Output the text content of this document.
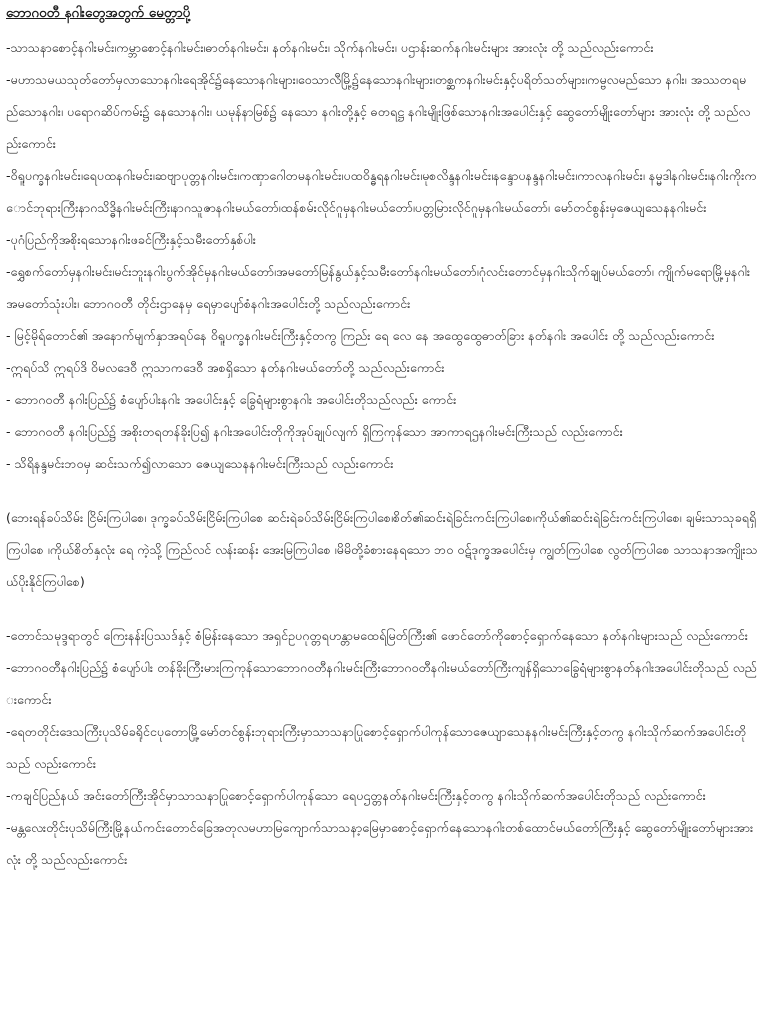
ဘောဂဝတီ နဂါးတွေအတွက် မေတ္တာပို့

-သာသနာစောင့်နဂါးမင်း၊ကမ္ဘာစောင့်နဂါးမင်း၊ဓာတ်နဂါးမင်း၊ နတ်နဂါးမင်း၊ သိုက်နဂါးမင်း၊ ပဌာန်းဆက်နဂါးမင်းများ အားလုံး တို့ သည်လည်းကောင်း

-မဟာသမယသုတ်တော်မှလာသောနဂါးရေအိုင်၌နေသောနဂါးများ၊ဝေသာလီမြို့၌နေသောနဂါးများ၊တစ္ဆကနဂါးမင်းနှင့်ပရိတ်သတ်များ၊ကမ္ဗလမည်သော နဂါး၊ အဿတရမည်သောနဂါး၊ ပရောဂဆိပ်ကမ်း၌ နေသောနဂါး၊ ယမုန်နာမြစ်၌ နေသော နဂါးတို့နှင့် ဓတရဋ္ဌ နဂါးမျိုးဖြစ်သောနဂါးအပေါင်းနှင့် ဆွေတော်မျိုးတော်များ အားလုံး တို့ သည်လည်းကောင်း

-ဝိရူပက္ခနဂါးမင်း၊ရေပထနဂါးမင်း၊ဆဗျာပုတ္တနဂါးမင်း၊ကဏှာဂေါတမနဂါးမင်း၊ပထဝိန္ဓရနဂါးမင်း၊မုစလိန္ဒနဂါးမင်း၊နန္ဒောပနန္ဒနဂါးမင်း၊ကာလနဂါးမင်း၊ နမ္မဒါနဂါးမင်း၊နဂါးကိုးကောင်ဘုရားကြီးနာဂသိဒ္ဓိနဂါးမင်းကြီး၊နာဂသူဇာနဂါးမယ်တော်၊ထန်စမ်းလိုင်ဂူမှနဂါးမယ်တော်၊ပတ္တမြားလိုင်ဂူမှနဂါးမယ်တော်၊ မော်တင်စွန်းမှဇေယျသေနနဂါးမင်း

-ပုဂံပြည်ကိုအစိုးရသောနဂါးဖခင်ကြီးနှင့်သမီးတော်နှစ်ပါး

-ရွှေစက်တော်မှနဂါးမင်း၊မင်းဘူးနဂါးပွက်အိုင်မှနဂါးမယ်တော်၊အမတော်မြန်နွယ်နှင့်သမီးတော်နဂါးမယ်တော်၊ဂုံလင်းတောင်မှနဂါးသိုက်ချုပ်မယ်တော်၊ ကျိုက်မရောမြို့မှနဂါးအမတော်သုံးပါး၊ ဘောဂဝတီ တိုင်းဌာနေမှ ရေမှာပျော်စံနဂါးအပေါင်းတို့ သည်လည်းကောင်း

- မြင့်မိုရ်တောင်၏ အနောက်မျက်နှာအရပ်နေ ဝိရူပက္ခနဂါးမင်းကြီးနှင့်တကွ ကြည်း ရေ လေ နေ အထွေထွေဓာတ်ခြား နတ်နဂါး အပေါင်း တို့ သည်လည်းကောင်း

-ဣရပ်သိ ဣရပ်ဒိ ဝိမလဒေဝီ ဣသာကဒေဝီ အစရှိသော နတ်နဂါးမယ်တော်တို့ သည်လည်းကောင်း

- ဘောဂဝတီ နဂါးပြည်၌ စံပျော်ပါးနဂါး အပေါင်းနှင့် ခြွေရံများစွာနဂါး အပေါင်းတိုသည်လည်း ကောင်း

- ဘောဂဝတီ နဂါးပြည်၌ အစိုးတရတန်ခိုးပြ၍ နဂါးအပေါင်းတိုကိုအုပ်ချုပ်လျက် ရှိကြကုန်သော အာကာရဌနဂါးမင်းကြီးသည် လည်းကောင်း

- သိရိနန္ဒမင်းဘဝမှ ဆင်းသက်၍လာသော ဇေယျသေနနဂါးမင်းကြီးသည် လည်းကောင်း

(ဘေးရန်ခပ်သိမ်း ငြိမ်းကြပါစေ၊ ဒုက္ခခပ်သိမ်းငြိမ်းကြပါစေ ဆင်းရဲခပ်သိမ်းငြိမ်းကြပါစေ၊စိတ်၏ဆင်းရဲခြင်းကင်းကြပါစေ၊ကိုယ်၏ဆင်းရဲခြင်းကင်းကြပါစေ၊ ချမ်းသာသုခရရှိကြပါစေ ၊ကိုယ်စိတ်နှလုံး ရေ ကဲ့သို့ ကြည်လင် လန်းဆန်း အေးမြကြပါစေ ၊မိမိတို့ခံစားနေရသော ဘဝ ဝဋ်ဒုက္ခအပေါင်းမှ ကျွတ်ကြပါစေ လွတ်ကြပါစေ သာသနာအကျိုးသယ်ပိုးနိုင်ကြပါစေ)

-တောင်သမုဒ္ဒရာတွင် ကြေးနန်းပြဿဒ်နှင့် စံမြန်းနေသော အရှင်ဥပဂုတ္တရဟန္တာမထေရ်မြတ်ကြီး၏ ဖောင်တော်ကိုစောင့်ရှောက်နေသော နတ်နဂါးများသည် လည်းကောင်း

-ဘောဂဝတီနဂါးပြည်၌ စံပျော်ပါး တန်ခိုးကြီးမားကြကုန်သောဘောဂဝတီနဂါးမင်းကြီးဘောဂဝတီနဂါးမယ်တော်ကြီးကျန်ရှိသောခြွေရံများစွာနတ်နဂါးအပေါင်းတိုသည် လည်းကောင်း

-ရေတတိုင်းဒေသကြီးပုသိမ်ခရိုင်ငပုတောမြို့မော်တင်စွန်းဘုရားကြီးမှာသာသနာပြုစောင့်ရှောက်ပါကုန်သောဇေယျာသေနနဂါးမင်းကြီးနှင့်တကွ နဂါးသိုက်ဆက်အပေါင်းတိုသည် လည်းကောင်း

-ကချင်ပြည်နယ် အင်းတော်ကြီးအိုင်မှာသာသနာပြုစောင့်ရှောက်ပါကုန်သော ရေပဌတ္တနတ်နဂါးမင်းကြီးနှင့်တကွ နဂါးသိုက်ဆက်အပေါင်းတိုသည် လည်းကောင်း

-မန္တလေးတိုင်းပုသိမ်ကြီးမြို့နယ်ကင်းတောင်ခြေအတုလမဟာမြကျောက်သာသနာ့မြေမှာစောင့်ရှောက်နေသောနဂါးတစ်ထောင်မယ်တော်ကြီးနှင့် ဆွေတော်မျိုးတော်များအားလုံး တို့ သည်လည်းကောင်း
